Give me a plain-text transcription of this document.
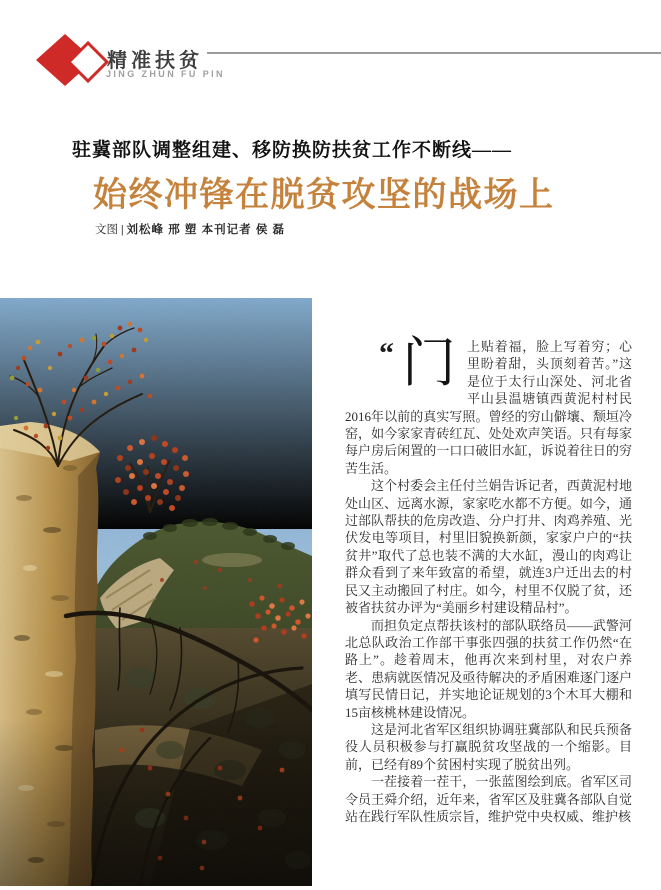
精准扶贫
JING ZHUN FU PIN
驻冀部队调整组建、移防换防扶贫工作不断线——
始终冲锋在脱贫攻坚的战场上
文图 | 刘松峰 邢 塑 本刊记者 侯 磊

“ 门 上贴着福，脸上写着穷；心里盼着甜，头顶刻着苦。”这是位于太行山深处、河北省平山县温塘镇西黄泥村村民2016年以前的真实写照。曾经的穷山僻壤、颓垣冷窑，如今家家青砖红瓦、处处欢声笑语。只有每家每户房后闲置的一口口破旧水缸，诉说着往日的穷苦生活。

这个村委会主任付兰娟告诉记者，西黄泥村地处山区、远离水源，家家吃水都不方便。如今，通过部队帮扶的危房改造、分户打井、肉鸡养殖、光伏发电等项目，村里旧貌换新颜，家家户户的“扶贫井”取代了总也装不满的大水缸，漫山的肉鸡让群众看到了来年致富的希望，就连3户迁出去的村民又主动搬回了村庄。如今，村里不仅脱了贫，还被省扶贫办评为“美丽乡村建设精品村”。

而担负定点帮扶该村的部队联络员——武警河北总队政治工作部干事张四强的扶贫工作仍然“在路上”。趁着周末，他再次来到村里，对农户养老、患病就医情况及亟待解决的矛盾困难逐门逐户填写民情日记，并实地论证规划的3个木耳大棚和15亩核桃林建设情况。

这是河北省军区组织协调驻冀部队和民兵预备役人员积极参与打赢脱贫攻坚战的一个缩影。目前，已经有89个贫困村实现了脱贫出列。

一茬接着一茬干，一张蓝图绘到底。省军区司令员王舜介绍，近年来，省军区及驻冀各部队自觉站在践行军队性质宗旨，维护党中央权威、维护核
